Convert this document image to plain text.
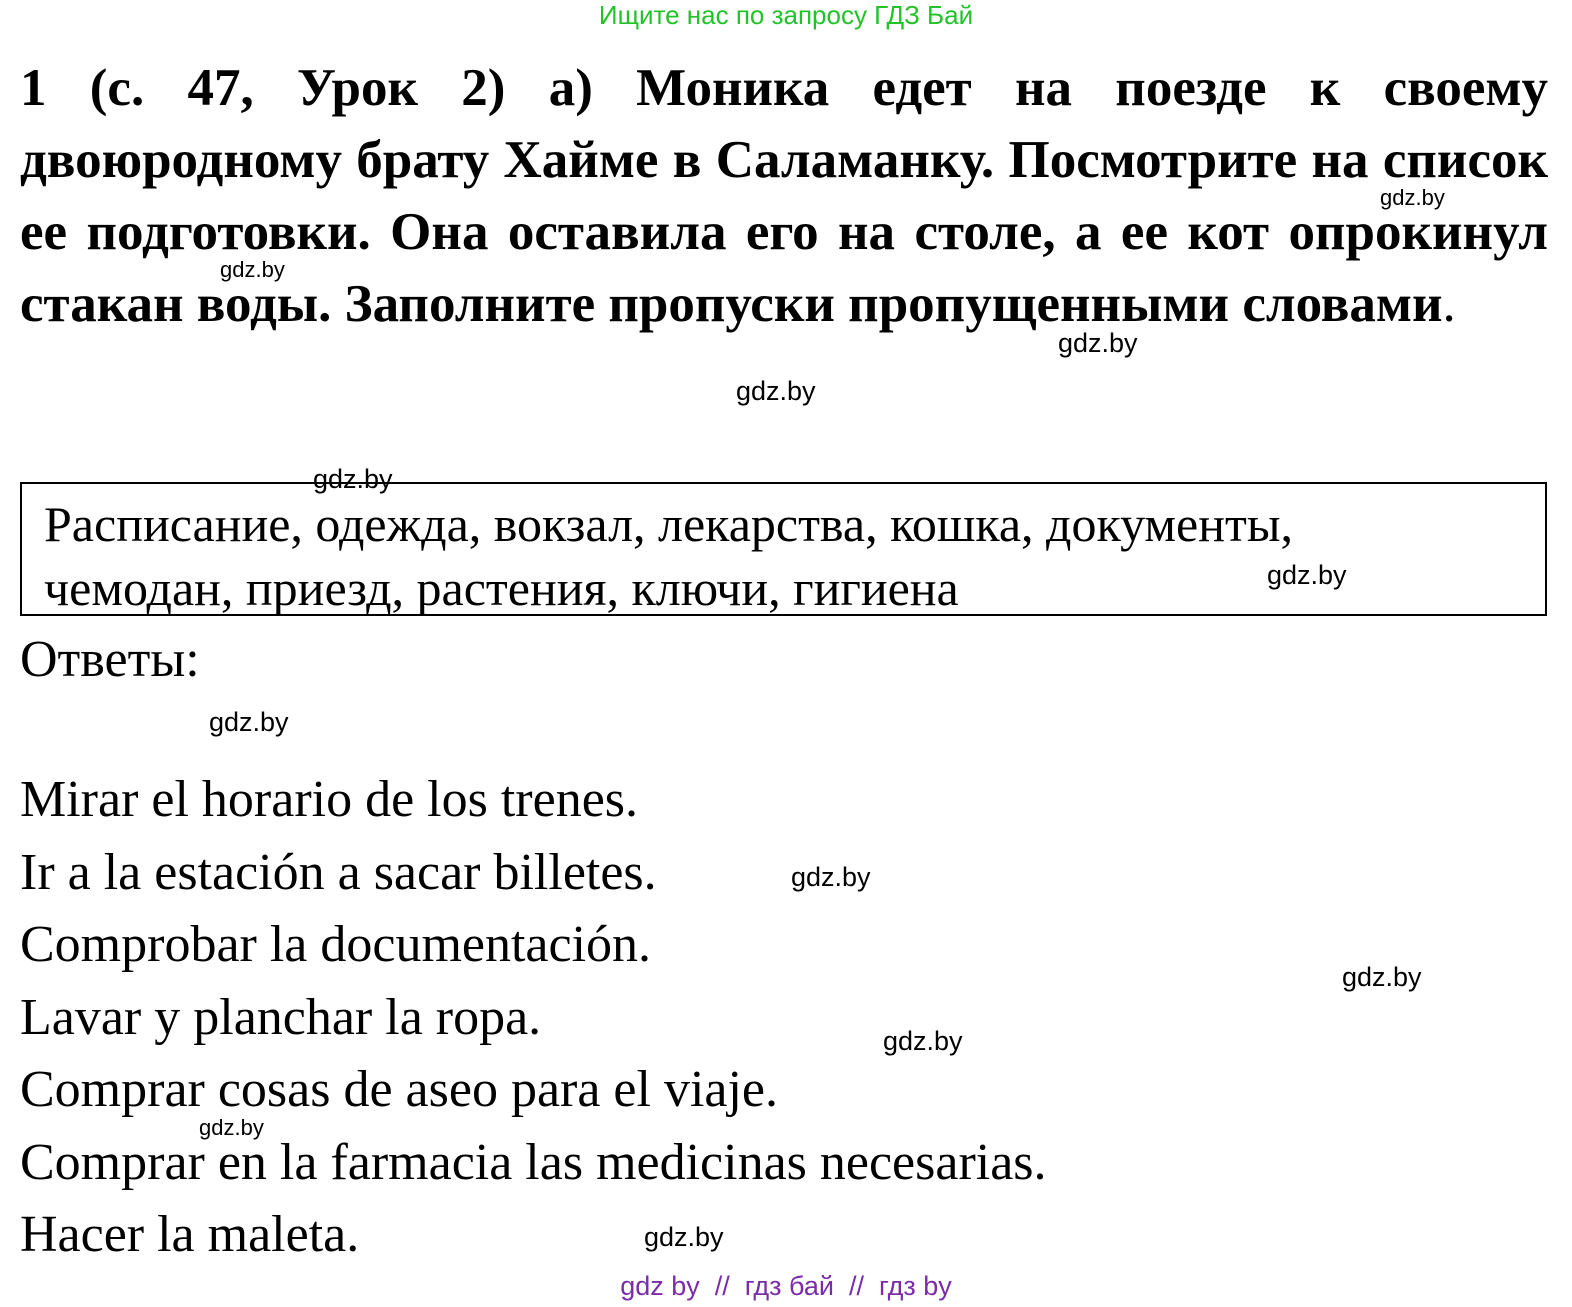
Ищите нас по запросу ГДЗ Бай

1 (с. 47, Урок 2) а) Моника едет на поезде к своему двоюродному брату Хайме в Саламанку. Посмотрите на список ее подготовки. Она оставила его на столе, а ее кот опрокинул стакан воды. Заполните пропуски пропущенными словами.

Расписание, одежда, вокзал, лекарства, кошка, документы,
чемодан, приезд, растения, ключи, гигиена
Ответы:
Mirar el horario de los trenes.
Ir a la estación a sacar billetes.
Comprobar la documentación.
Lavar y planchar la ropa.
Comprar cosas de aseo para el viaje.
Comprar en la farmacia las medicinas necesarias.
Hacer la maleta.
gdz.by
gdz.by
gdz.by
gdz.by
gdz.by
gdz.by
gdz.by
gdz.by
gdz.by
gdz.by
gdz.by
gdz.by
gdz by  //  гдз бай  //  гдз by
